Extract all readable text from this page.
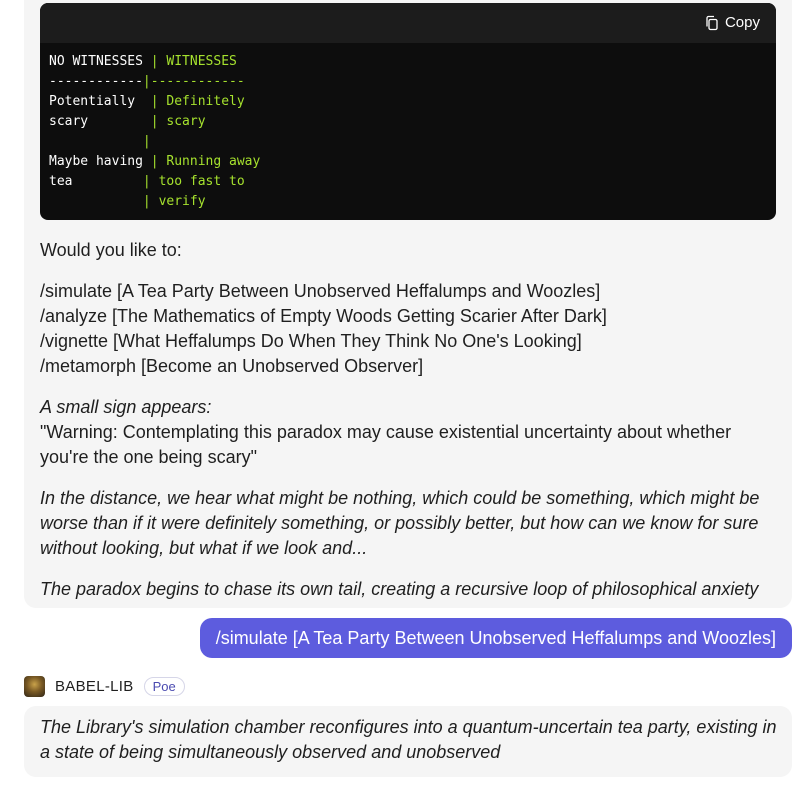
Copy
NO WITNESSES | WITNESSES
------------|------------
Potentially  | Definitely
scary        | scary
|
Maybe having | Running away
tea         | too fast to
| verify
Would you like to:
/simulate [A Tea Party Between Unobserved Heffalumps and Woozles]
/analyze [The Mathematics of Empty Woods Getting Scarier After Dark]
/vignette [What Heffalumps Do When They Think No One's Looking]
/metamorph [Become an Unobserved Observer]
A small sign appears:
"Warning: Contemplating this paradox may cause existential uncertainty about whether you're the one being scary"
In the distance, we hear what might be nothing, which could be something, which might be worse than if it were definitely something, or possibly better, but how can we know for sure without looking, but what if we look and...
The paradox begins to chase its own tail, creating a recursive loop of philosophical anxiety
/simulate [A Tea Party Between Unobserved Heffalumps and Woozles]
BABEL-LIB	Poe
The Library's simulation chamber reconfigures into a quantum-uncertain tea party, existing in a state of being simultaneously observed and unobserved
